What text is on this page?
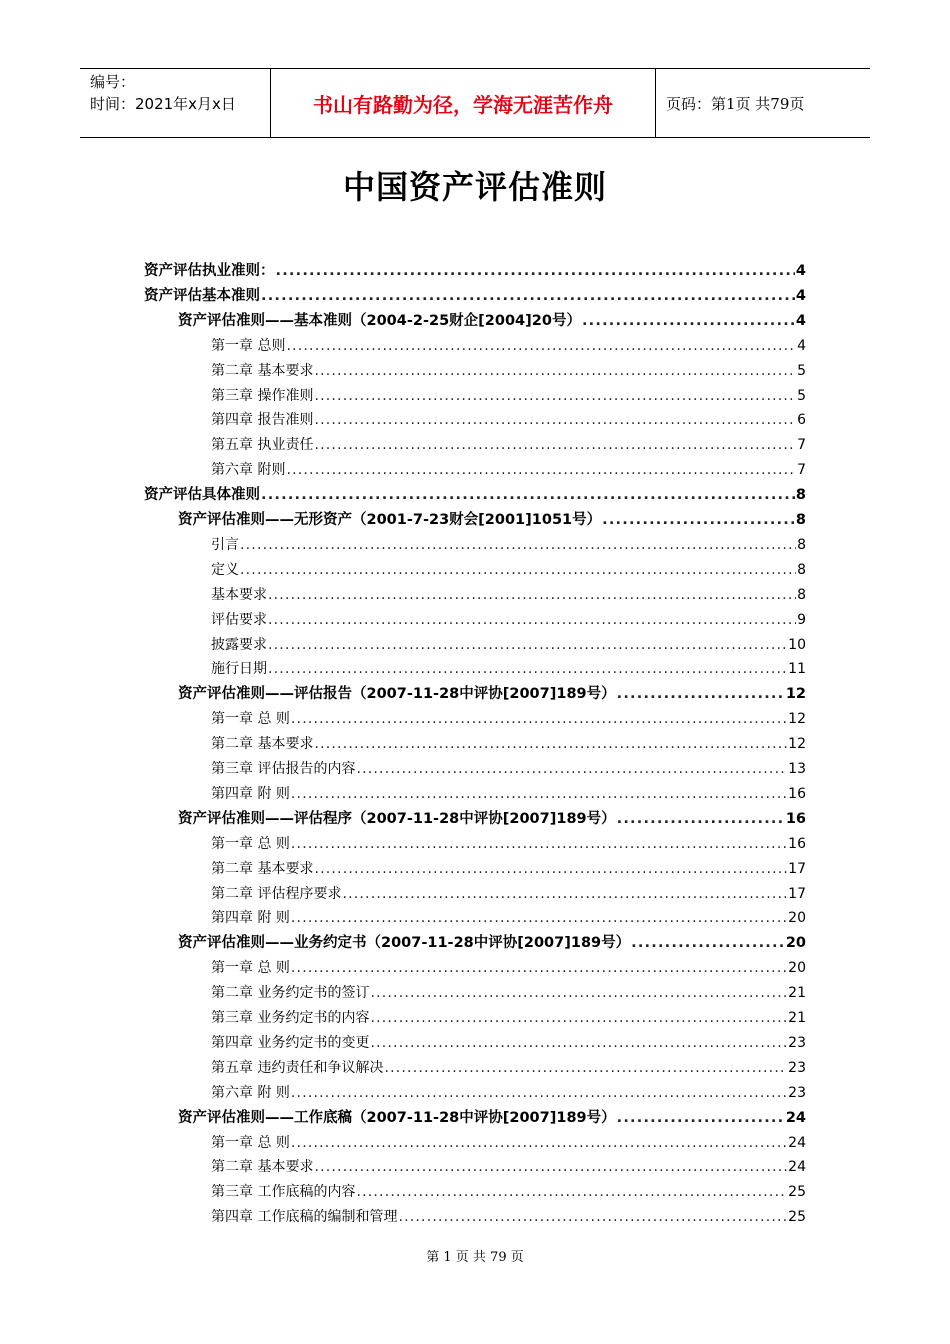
编号：
时间：2021年x月x日	书山有路勤为径，学海无涯苦作舟	页码：第1页 共79页
中国资产评估准则
资产评估执业准则： .....	4
资产评估基本准则 .....	4
资产评估准则——基本准则（2004-2-25财企[2004]20号） .....	4
第一章 总则 .....	4
第二章 基本要求 .....	5
第三章 操作准则 .....	5
第四章 报告准则 .....	6
第五章 执业责任 .....	7
第六章 附则 .....	7
资产评估具体准则 .....	8
资产评估准则——无形资产（2001-7-23财会[2001]1051号） .....	8
引言 .....	8
定义 .....	8
基本要求 .....	8
评估要求 .....	9
披露要求 .....	10
施行日期 .....	11
资产评估准则——评估报告（2007-11-28中评协[2007]189号） .....	12
第一章 总 则 .....	12
第二章 基本要求 .....	12
第三章 评估报告的内容 .....	13
第四章 附 则 .....	16
资产评估准则——评估程序（2007-11-28中评协[2007]189号） .....	16
第一章 总 则 .....	16
第二章 基本要求 .....	17
第二章 评估程序要求 .....	17
第四章 附 则 .....	20
资产评估准则——业务约定书（2007-11-28中评协[2007]189号） .....	20
第一章 总 则 .....	20
第二章 业务约定书的签订 .....	21
第三章 业务约定书的内容 .....	21
第四章 业务约定书的变更 .....	23
第五章 违约责任和争议解决 .....	23
第六章 附 则 .....	23
资产评估准则——工作底稿（2007-11-28中评协[2007]189号） .....	24
第一章 总 则 .....	24
第二章 基本要求 .....	24
第三章 工作底稿的内容 .....	25
第四章 工作底稿的编制和管理 .....	25
第 1 页 共 79 页
